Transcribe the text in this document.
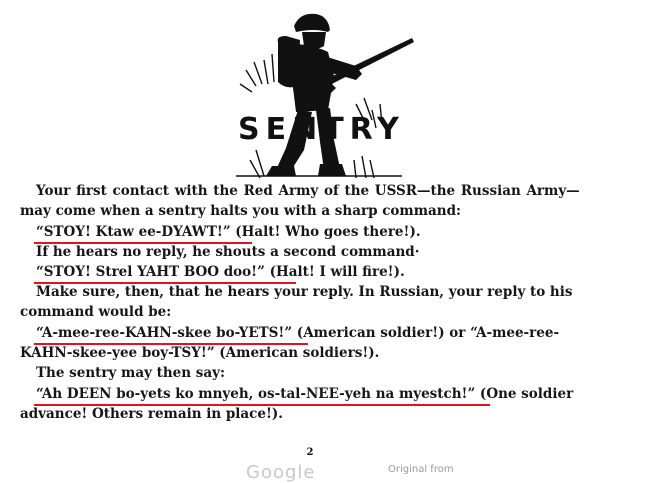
SENTRY
Your first contact with the Red Army of the USSR—the Russian Army—
may come when a sentry halts you with a sharp command:
“STOY! Ktaw ee-DYAWT!” (Halt! Who goes there!).
If he hears no reply, he shouts a second command·
“STOY! Strel YAHT BOO doo!” (Halt! I will fire!).
Make sure, then, that he hears your reply. In Russian, your reply to his
command would be:
“A-mee-ree-KAHN-skee bo-YETS!” (American soldier!) or “A-mee-ree-
KAHN-skee-yee boy-TSY!” (American soldiers!).
The sentry may then say:
“Ah DEEN bo-yets ko mnyeh, os-tal-NEE-yeh na myestch!” (One soldier
advance! Others remain in place!).
2
Google	Original from
